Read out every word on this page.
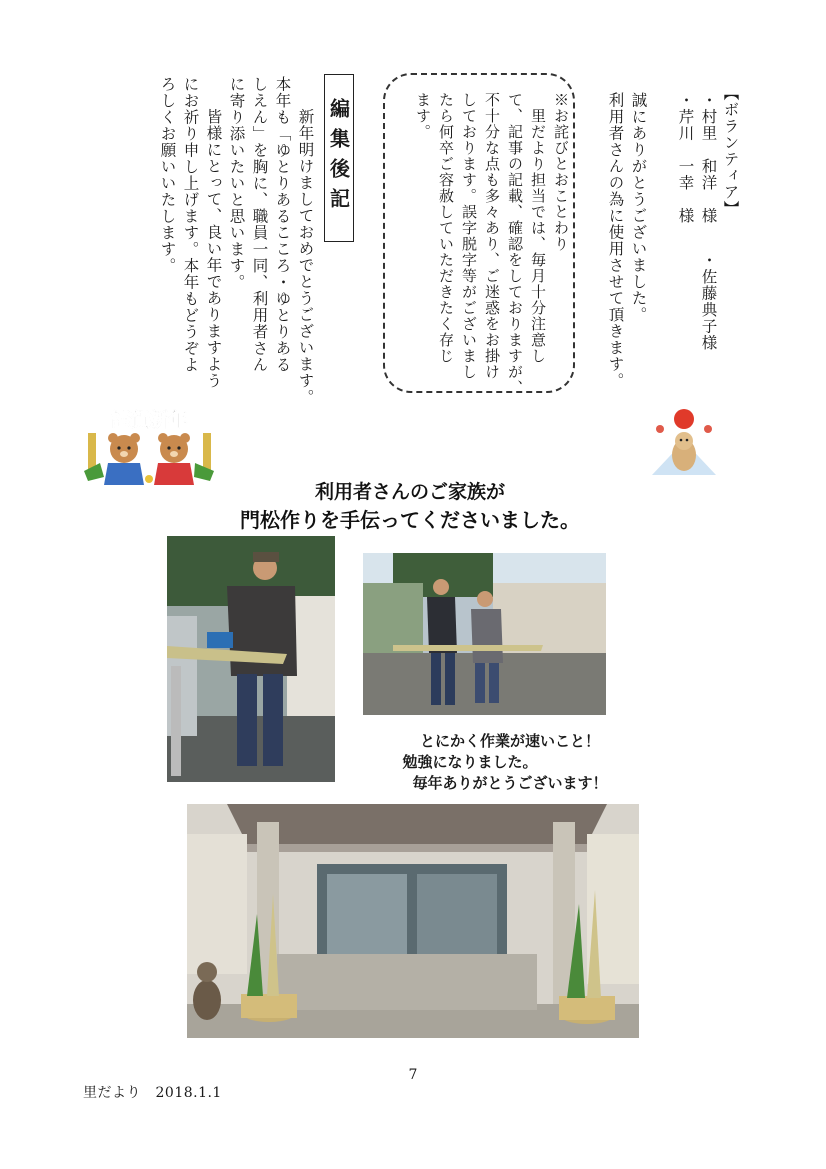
【ボランティア】
・村里　和洋　様
・佐藤典子様
・芹川　一幸　様
誠にありがとうございました。
利用者さんの為に使用させて頂きます。
※お詫びとおことわり
　里だより担当では、毎月十分注意し
て、記事の記載、確認をしておりますが、
不十分な点も多々あり、ご迷惑をお掛け
しております。誤字脱字等がございまし
たら何卒ご容赦していただきたく存じ
ます。
編集後記
　新年明けましておめでとうございます。
本年も「ゆとりあるこころ・ゆとりある
しえん」を胸に、職員一同、利用者さん
に寄り添いたいと思います。
　皆様にとって、良い年でありますよう
にお祈り申し上げます。本年もどうぞよ
ろしくお願いいたします。
謹賀新年
利用者さんのご家族が
門松作りを手伝ってくださいました。
とにかく作業が速いこと！
勉強になりました。
毎年ありがとうございます！
7
里だより　2018.1.1
